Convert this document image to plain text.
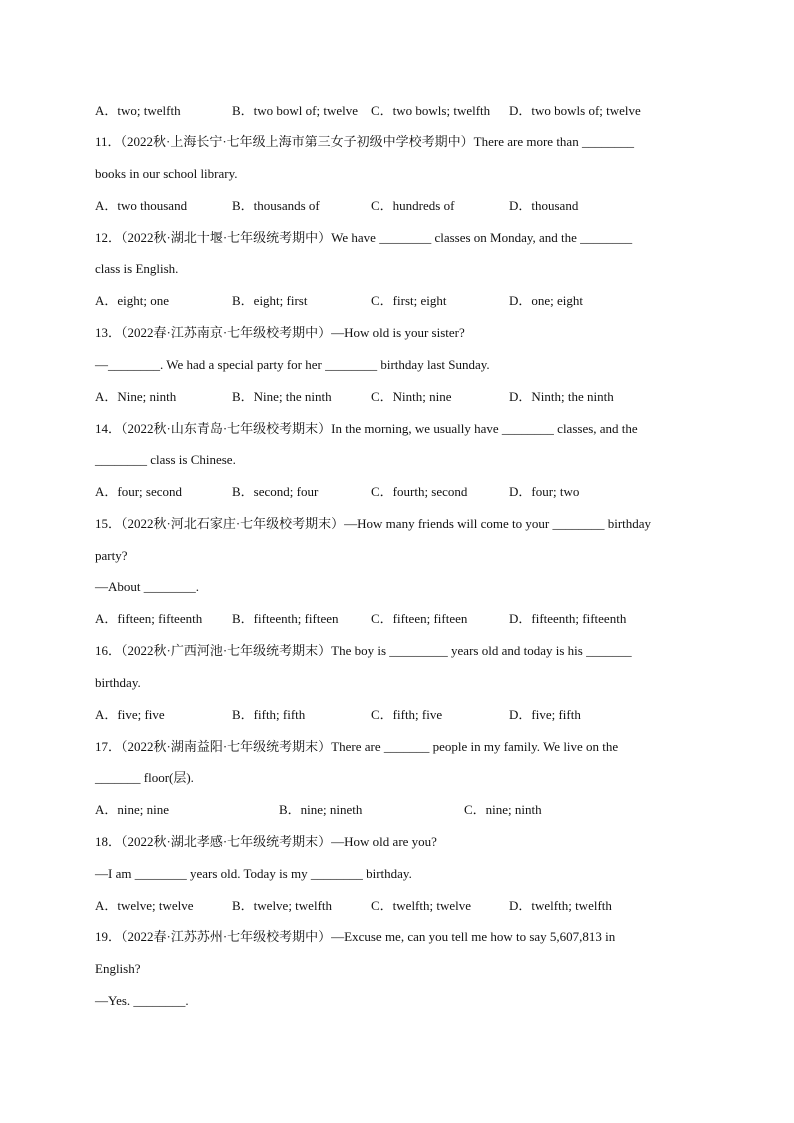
A．two; twelfth	B．two bowl of; twelve C．two bowls; twelfth D．two bowls of; twelve
11．（2022秋·上海长宁·七年级上海市第三女子初级中学校考期中）There are more than ________
books in our school library.
A．two thousand	B．thousands of	C．hundreds of	D．thousand
12．（2022秋·湖北十堰·七年级统考期中）We have ________ classes on Monday, and the ________
class is English.
A．eight; one	B．eight; first	C．first; eight	D．one; eight
13．（2022春·江苏南京·七年级校考期中）—How old is your sister?
—________. We had a special party for her ________ birthday last Sunday.
A．Nine; ninth	B．Nine; the ninth	C．Ninth; nine	D．Ninth; the ninth
14．（2022秋·山东青岛·七年级校考期末）In the morning, we usually have ________ classes, and the
________ class is Chinese.
A．four; second	B．second; four	C．fourth; second	D．four; two
15．（2022秋·河北石家庄·七年级校考期末）—How many friends will come to your ________ birthday
party?
—About ________.
A．fifteen; fifteenth B．fifteenth; fifteen	C．fifteen; fifteen	D．fifteenth; fifteenth
16．（2022秋·广西河池·七年级统考期末）The boy is _________ years old and today is his _______
birthday.
A．five; five	B．fifth; fifth	C．fifth; five	D．five; fifth
17．（2022秋·湖南益阳·七年级统考期末）There are _______ people in my family. We live on the
_______ floor(层).
A．nine; nine	B．nine; nineth	C．nine; ninth
18．（2022秋·湖北孝感·七年级统考期末）—How old are you?
—I am ________ years old. Today is my ________ birthday.
A．twelve; twelve	B．twelve; twelfth	C．twelfth; twelve	D．twelfth; twelfth
19．（2022春·江苏苏州·七年级校考期中）—Excuse me, can you tell me how to say 5,607,813 in
English?
—Yes. ________.
